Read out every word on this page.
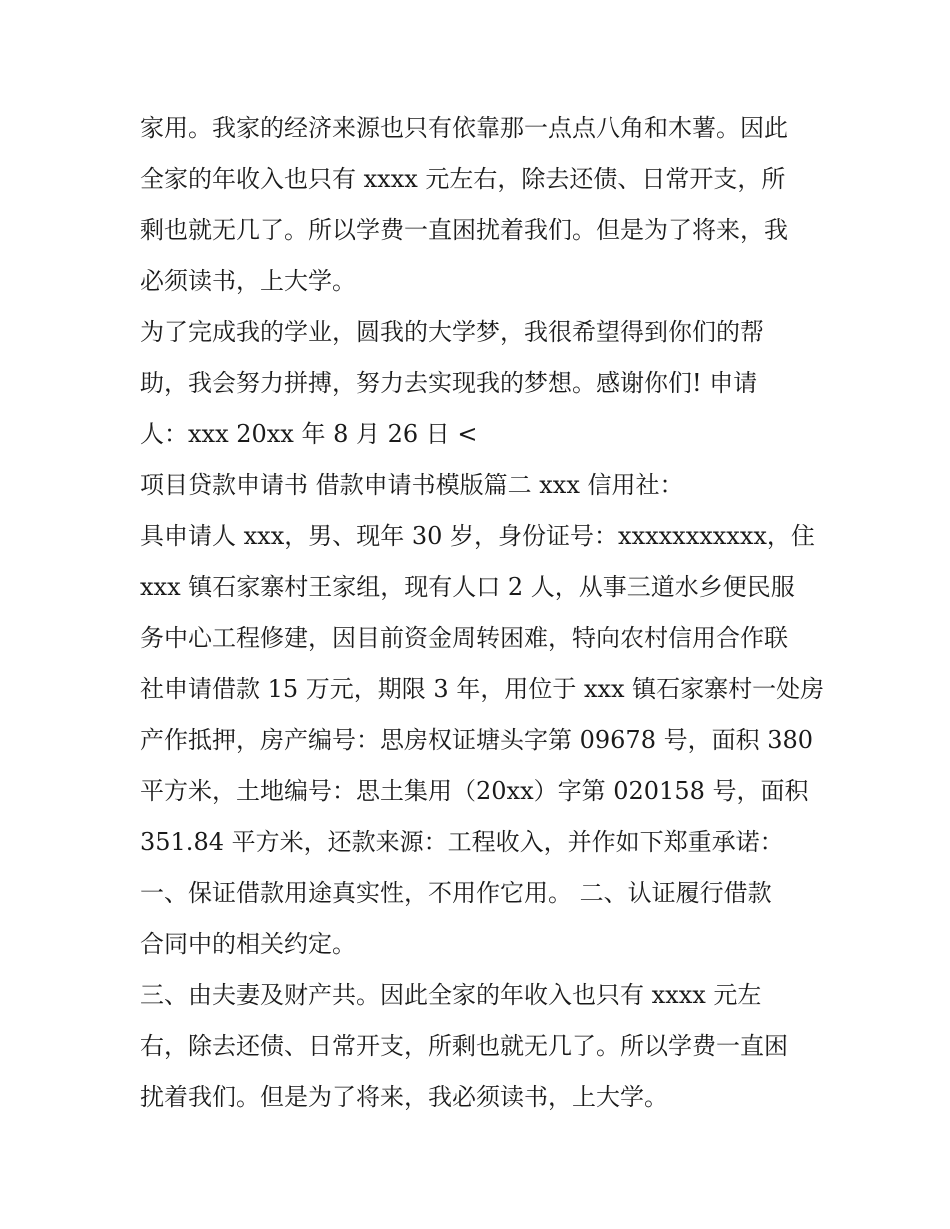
家用。我家的经济来源也只有依靠那一点点八角和木薯。因此
全家的年收入也只有 xxxx 元左右，除去还债、日常开支，所
剩也就无几了。所以学费一直困扰着我们。但是为了将来，我
必须读书，上大学。
为了完成我的学业，圆我的大学梦，我很希望得到你们的帮
助，我会努力拼搏，努力去实现我的梦想。感谢你们! 申请
人：xxx 20xx 年 8 月 26 日 <
项目贷款申请书 借款申请书模版篇二 xxx 信用社：
具申请人 xxx，男、现年 30 岁，身份证号：xxxxxxxxxxx，住
xxx 镇石家寨村王家组，现有人口 2 人，从事三道水乡便民服
务中心工程修建，因目前资金周转困难，特向农村信用合作联
社申请借款 15 万元，期限 3 年，用位于 xxx 镇石家寨村一处房
产作抵押，房产编号：思房权证塘头字第 09678 号，面积 380
平方米，土地编号：思土集用（20xx）字第 020158 号，面积
351.84 平方米，还款来源：工程收入，并作如下郑重承诺：
一、保证借款用途真实性，不用作它用。 二、认证履行借款
合同中的相关约定。
三、由夫妻及财产共。因此全家的年收入也只有 xxxx 元左
右，除去还债、日常开支，所剩也就无几了。所以学费一直困
扰着我们。但是为了将来，我必须读书，上大学。
